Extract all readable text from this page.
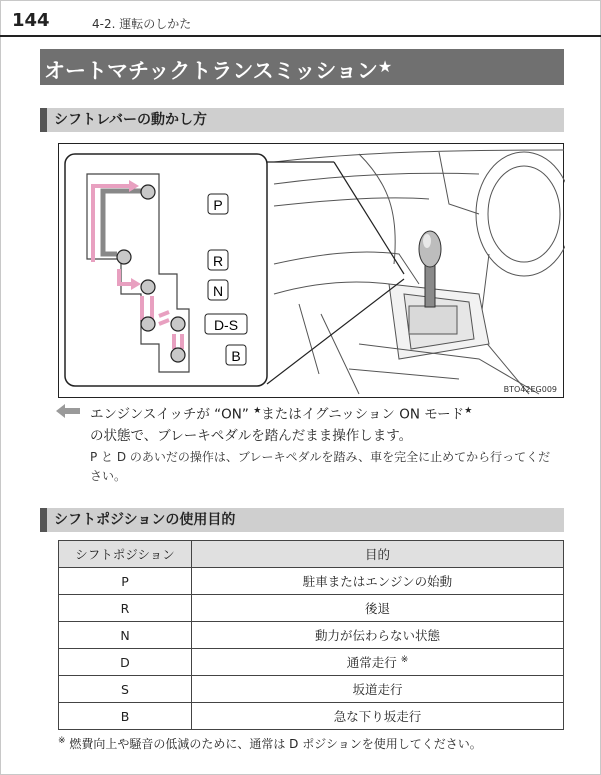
144	4-2. 運転のしかた
オートマチックトランスミッション★
シフトレバーの動かし方
P
R
N
D-S
B
BTO42EG009
エンジンスイッチが “ON” ★またはイグニッション ON モード★
の状態で、ブレーキペダルを踏んだまま操作します。
P と D のあいだの操作は、ブレーキペダルを踏み、車を完全に止めてから行ってください。
シフトポジションの使用目的
シフトポジション	目的
P	駐車またはエンジンの始動
R	後退
N	動力が伝わらない状態
D	通常走行 ※
S	坂道走行
B	急な下り坂走行
※ 燃費向上や騒音の低減のために、通常は D ポジションを使用してください。
